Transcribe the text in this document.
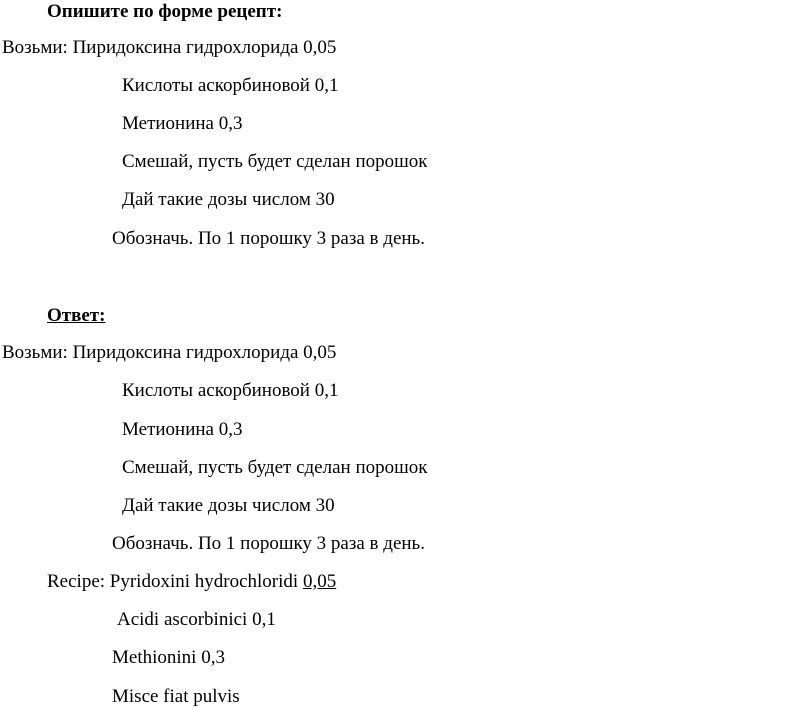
Опишите по форме рецепт:
Возьми: Пиридоксина гидрохлорида 0,05
Кислоты аскорбиновой 0,1
Метионина 0,3
Смешай, пусть будет сделан порошок
Дай такие дозы числом 30
Обозначь. По 1 порошку 3 раза в день.
Ответ:
Возьми: Пиридоксина гидрохлорида 0,05
Кислоты аскорбиновой 0,1
Метионина 0,3
Смешай, пусть будет сделан порошок
Дай такие дозы числом 30
Обозначь. По 1 порошку 3 раза в день.
Recipe: Pyridoxini hydrochloridi 0,05
Acidi ascorbinici 0,1
Methionini 0,3
Misce fiat pulvis
